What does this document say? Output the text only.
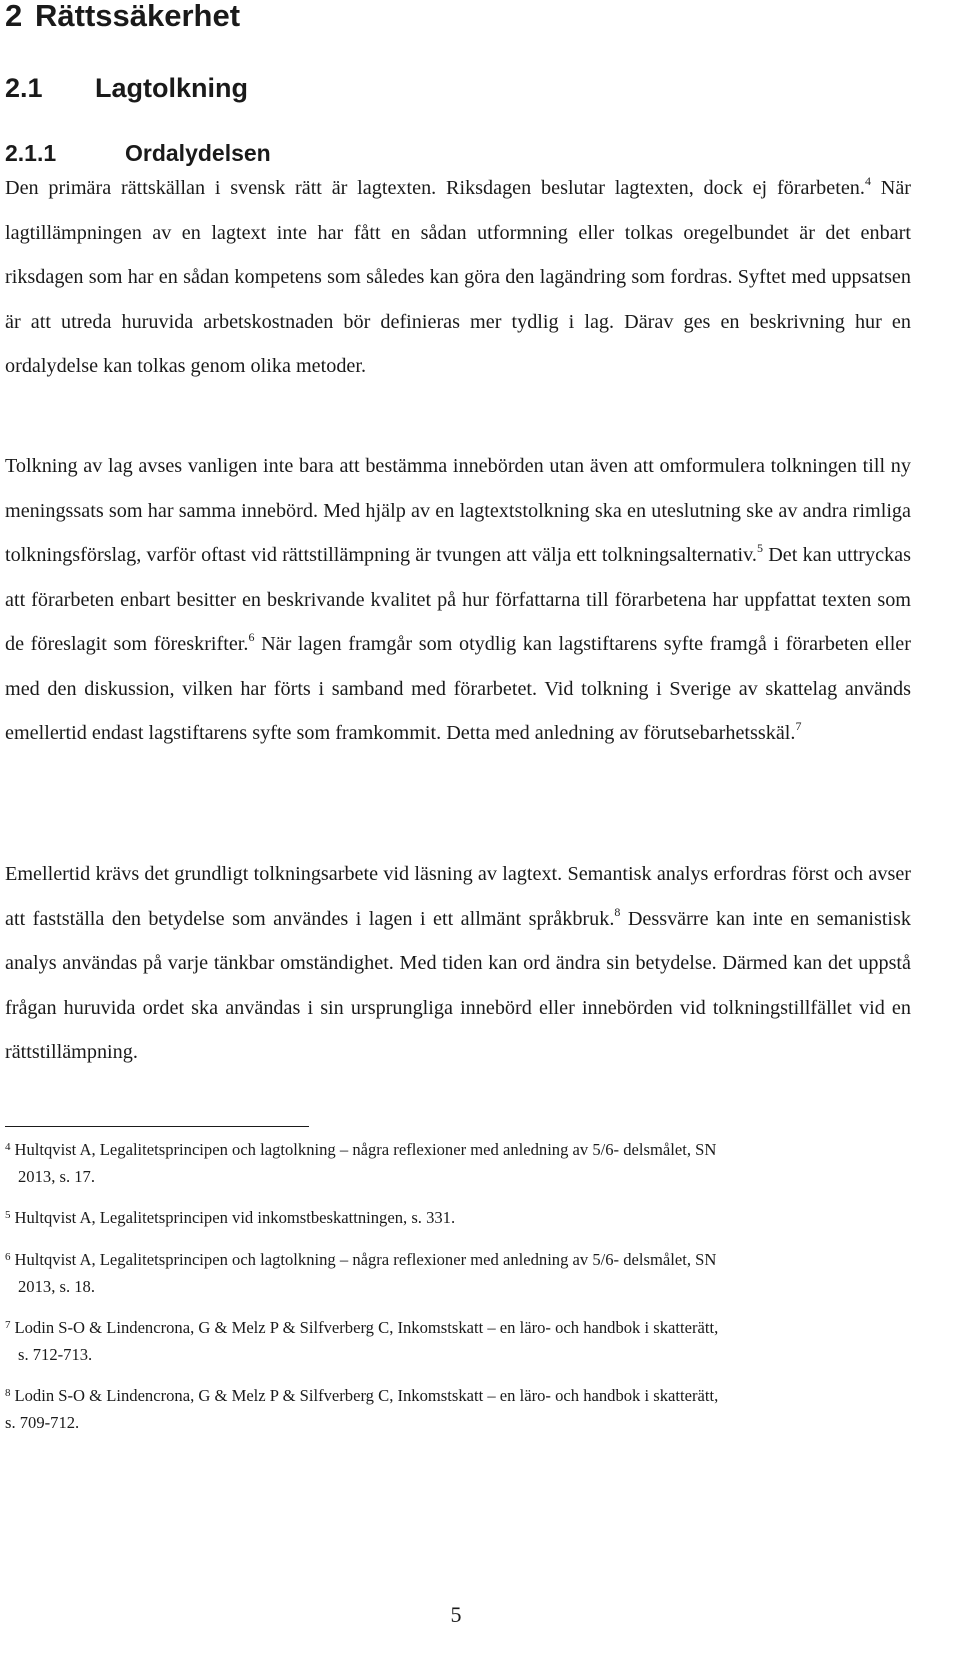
2 Rättssäkerhet
2.1 Lagtolkning
2.1.1	Ordalydelsen
Den primära rättskällan i svensk rätt är lagtexten. Riksdagen beslutar lagtexten, dock ej förarbeten.$^4$ När lagtillämpningen av en lagtext inte har fått en sådan utformning eller tolkas oregelbundet är det enbart riksdagen som har en sådan kompetens som således kan göra den lagändring som fordras. Syftet med uppsatsen är att utreda huruvida arbetskostnaden bör definieras mer tydlig i lag. Därav ges en beskrivning hur en ordalydelse kan tolkas genom olika metoder.
Tolkning av lag avses vanligen inte bara att bestämma innebörden utan även att omformulera tolkningen till ny meningssats som har samma innebörd. Med hjälp av en lagtextstolkning ska en uteslutning ske av andra rimliga tolkningsförslag, varför oftast vid rättstillämpning är tvungen att välja ett tolkningsalternativ.$^5$ Det kan uttryckas att förarbeten enbart besitter en beskrivande kvalitet på hur författarna till förarbetena har uppfattat texten som de föreslagit som föreskrifter.$^6$ När lagen framgår som otydlig kan lagstiftarens syfte framgå i förarbeten eller med den diskussion, vilken har förts i samband med förarbetet. Vid tolkning i Sverige av skattelag används emellertid endast lagstiftarens syfte som framkommit. Detta med anledning av förutsebarhetsskäl.$^7$
Emellertid krävs det grundligt tolkningsarbete vid läsning av lagtext. Semantisk analys erfordras först och avser att fastställa den betydelse som användes i lagen i ett allmänt språkbruk.$^8$ Dessvärre kan inte en semanistisk analys användas på varje tänkbar omständighet. Med tiden kan ord ändra sin betydelse. Därmed kan det uppstå frågan huruvida ordet ska användas i sin ursprungliga innebörd eller innebörden vid tolkningstillfället vid en rättstillämpning.
$^4$ Hultqvist A, Legalitetsprincipen och lagtolkning – några reflexioner med anledning av 5/6- delsmålet, SN
2013, s. 17.
$^5$ Hultqvist A, Legalitetsprincipen vid inkomstbeskattningen, s. 331.
$^6$ Hultqvist A, Legalitetsprincipen och lagtolkning – några reflexioner med anledning av 5/6- delsmålet, SN
2013, s. 18.
$^7$ Lodin S-O & Lindencrona, G & Melz P & Silfverberg C, Inkomstskatt – en läro- och handbok i skatterätt,
s. 712-713.
$^8$ Lodin S-O & Lindencrona, G & Melz P & Silfverberg C, Inkomstskatt – en läro- och handbok i skatterätt,
s. 709-712.
5
